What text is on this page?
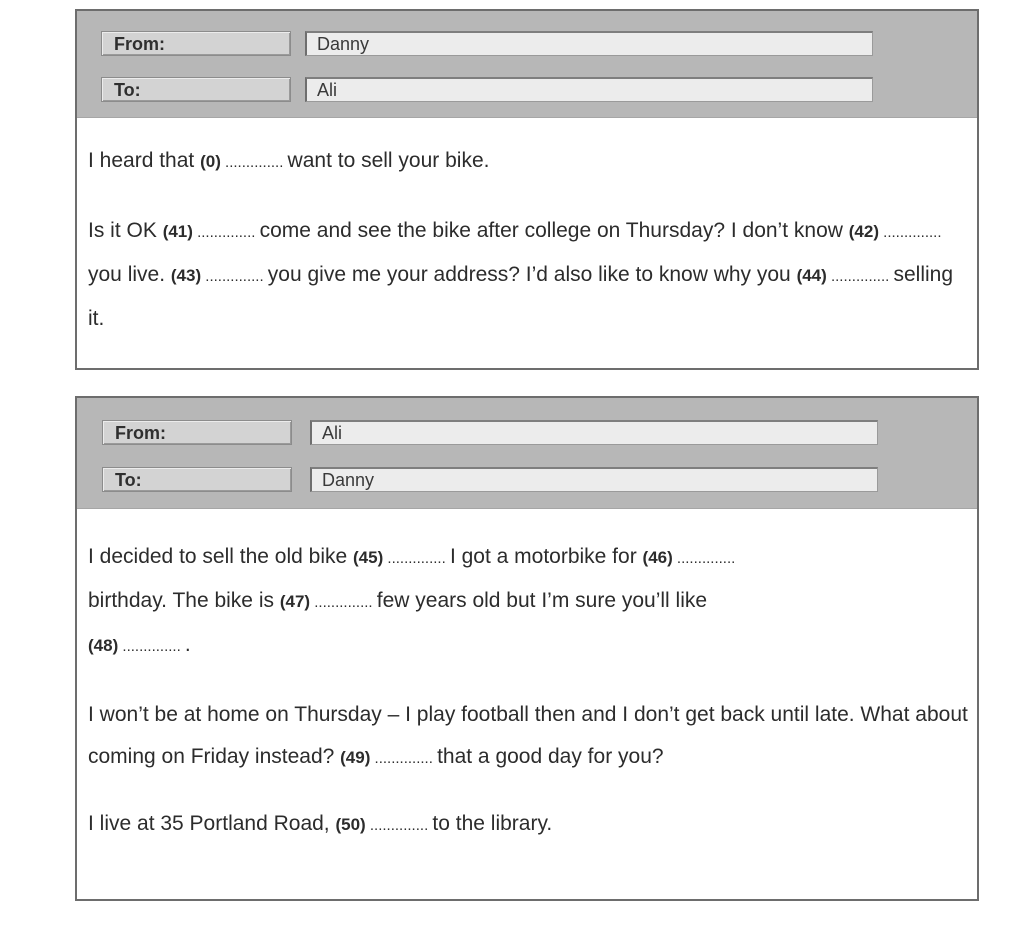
From:	Danny
To:	Ali

I heard that (0) .............. want to sell your bike.

Is it OK (41) .............. come and see the bike after college on Thursday? I don’t know (42) .............. you live. (43) .............. you give me your address? I’d also like to know why you (44) .............. selling it.

From:	Ali
To:	Danny

I decided to sell the old bike (45) .............. I got a motorbike for (46) ..............
birthday. The bike is (47) .............. few years old but I’m sure you’ll like
(48) .............. .

I won’t be at home on Thursday – I play football then and I don’t get back until late. What about coming on Friday instead? (49) .............. that a good day for you?

I live at 35 Portland Road, (50) .............. to the library.
